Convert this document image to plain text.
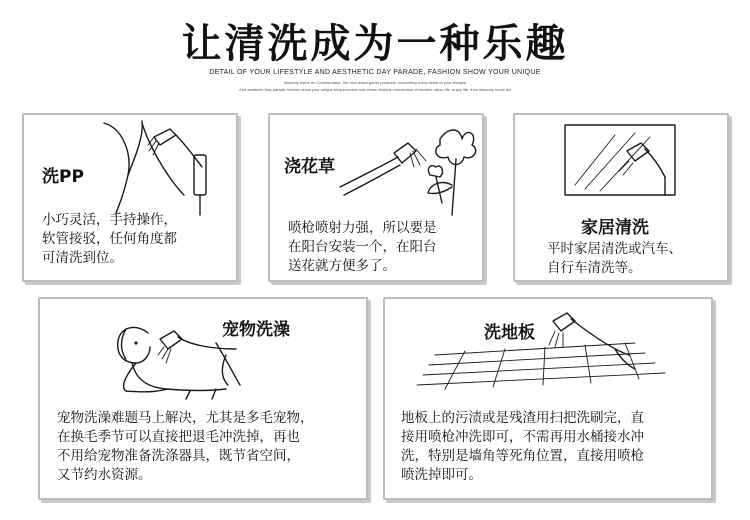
让清洗成为一种乐趣
DETAIL OF YOUR LIFESTYLE AND AESTHETIC DAY PARADE, FASHION SHOW YOUR UNIQUE
leisurely home en Commentator, the new avant-garde products, recounting every detail of your lifestyle
And aesthetic Day parade, fashion show your unique temperament and charm Natural introduction of modern urban life, enjoy life, from leisurely home art
洗PP
小巧灵活，手持操作，
软管接驳，任何角度都
可清洗到位。
浇花草
喷枪喷射力强，所以要是
在阳台安装一个，在阳台
送花就方便多了。
家居清洗
平时家居清洗或汽车、
自行车清洗等。
宠物洗澡
宠物洗澡难题马上解决，尤其是多毛宠物，
在换毛季节可以直接把退毛冲洗掉，再也
不用给宠物准备洗涤器具，既节省空间，
又节约水资源。
洗地板
地板上的污渍或是残渣用扫把洗刷完，直
接用喷枪冲洗即可，不需再用水桶接水冲
洗，特别是墙角等死角位置，直接用喷枪
喷洗掉即可。
